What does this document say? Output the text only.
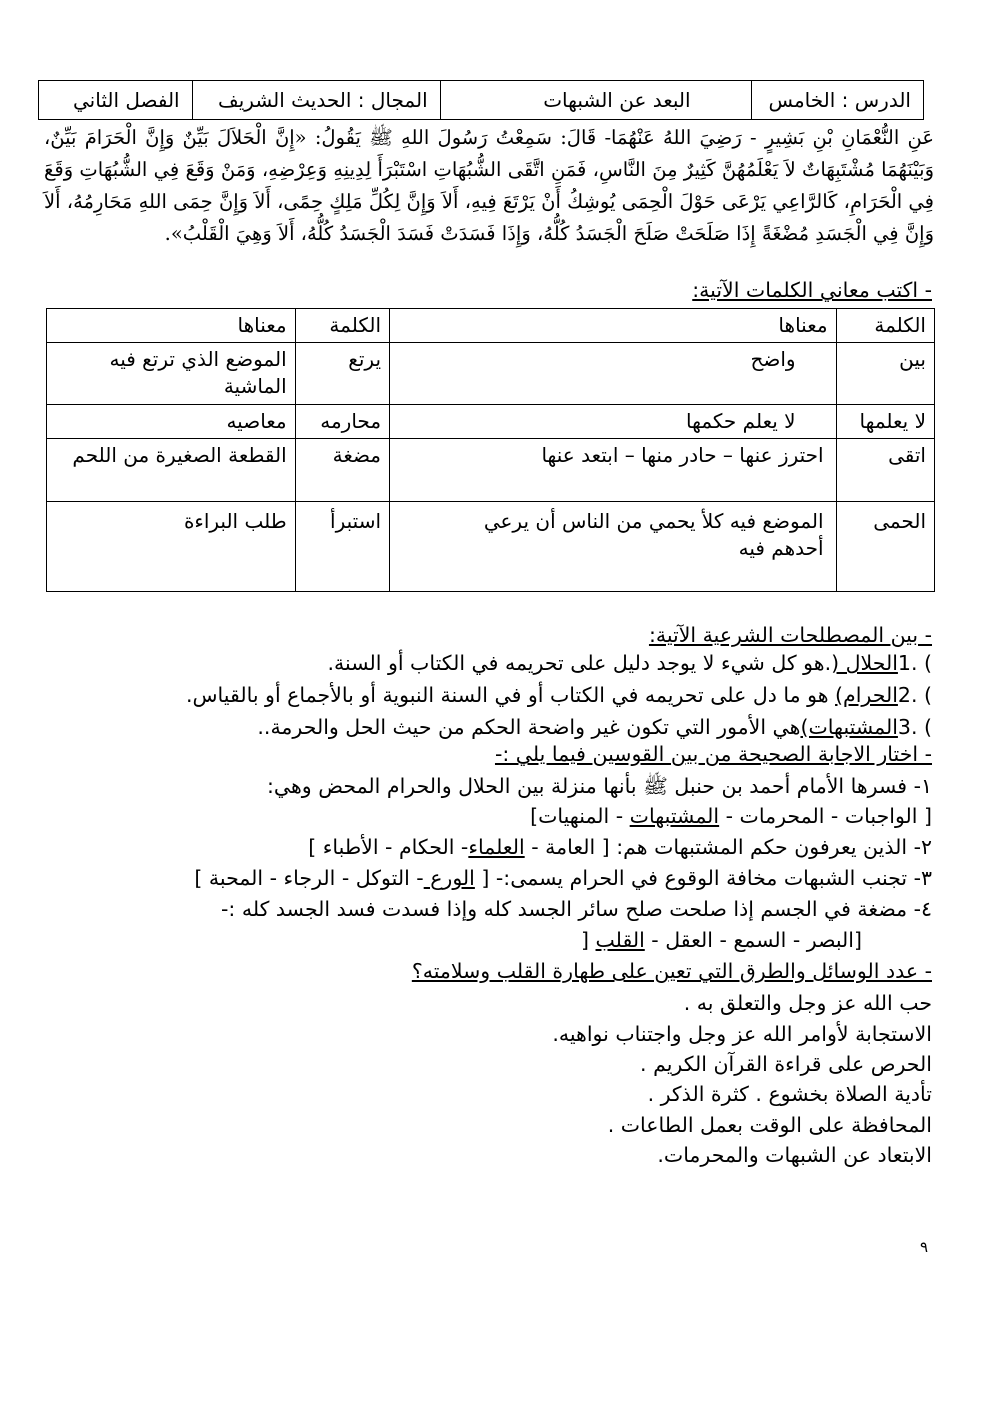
الدرس : الخامس	البعد عن الشبهات	المجال : الحديث الشريف	الفصل الثاني
عَنِ النُّعْمَانِ بْنِ بَشِيرٍ - رَضِيَ اللهُ عَنْهُمَا- قَالَ: سَمِعْتُ رَسُولَ اللهِ ﷺ يَقُولُ: «إِنَّ الْحَلاَلَ بَيِّنٌ وَإِنَّ الْحَرَامَ بَيِّنٌ، وَبَيْنَهُمَا مُشْتَبِهَاتٌ لاَ يَعْلَمُهُنَّ كَثِيرٌ مِنَ النَّاسِ، فَمَنِ اتَّقَى الشُّبُهَاتِ اسْتَبْرَأَ لِدِينِهِ وَعِرْضِهِ، وَمَنْ وَقَعَ فِي الشُّبُهَاتِ وَقَعَ فِي الْحَرَامِ، كَالرَّاعِي يَرْعَى حَوْلَ الْحِمَى يُوشِكُ أَنْ يَرْتَعَ فِيهِ، أَلاَ وَإِنَّ لِكُلِّ مَلِكٍ حِمًى، أَلاَ وَإِنَّ حِمَى اللهِ مَحَارِمُهُ، أَلاَ وَإِنَّ فِي الْجَسَدِ مُضْغَةً إِذَا صَلَحَتْ صَلَحَ الْجَسَدُ كُلُّهُ، وَإِذَا فَسَدَتْ فَسَدَ الْجَسَدُ كُلُّهُ، أَلاَ وَهِيَ الْقَلْبُ».
- اكتب معاني الكلمات الآتية:
الكلمة	معناها	الكلمة	معناها
بين	واضح	يرتع	الموضع الذي ترتع فيه الماشية
لا يعلمها	لا يعلم حكمها	محارمه	معاصيه
اتقى	احترز عنها – حادر منها – ابتعد عنها	مضغة	القطعة الصغيرة من اللحم
الحمى	الموضع فيه كلأ يحمي من الناس أن يرعي أحدهم فيه	استبرأ	طلب البراءة
- بين المصطلحات الشرعية الآتية:
) .1الحلال (.هو كل شيء لا يوجد دليل على تحريمه في الكتاب أو السنة.
) .2الحرام) هو ما دل على تحريمه في الكتاب أو في السنة النبوية أو بالأجماع أو بالقياس.
) .3المشتبهات)هي الأمور التي تكون غير واضحة الحكم من حيث الحل والحرمة..
- اختار الاجابة الصحيحة من بين القوسين فيما يلي :-
١- فسرها الأمام أحمد بن حنبل ﷺ بأنها منزلة بين الحلال والحرام المحض وهي:
[ الواجبات - المحرمات - المشتبهات - المنهيات]
٢- الذين يعرفون حكم المشتبهات هم: [ العامة - العلماء- الحكام - الأطباء ]
٣- تجنب الشبهات مخافة الوقوع في الحرام يسمى:- [ الورع - التوكل - الرجاء - المحبة ]
٤- مضغة في الجسم إذا صلحت صلح سائر الجسد كله وإذا فسدت فسد الجسد كله :-
[البصر - السمع - العقل - القلب [
- عدد الوسائل والطرق التي تعين على طهارة القلب وسلامته؟
حب الله عز وجل والتعلق به .
الاستجابة لأوامر الله عز وجل واجتناب نواهيه.
الحرص على قراءة القرآن الكريم .
تأدية الصلاة بخشوع . كثرة الذكر .
المحافظة على الوقت بعمل الطاعات .
الابتعاد عن الشبهات والمحرمات.
٩
